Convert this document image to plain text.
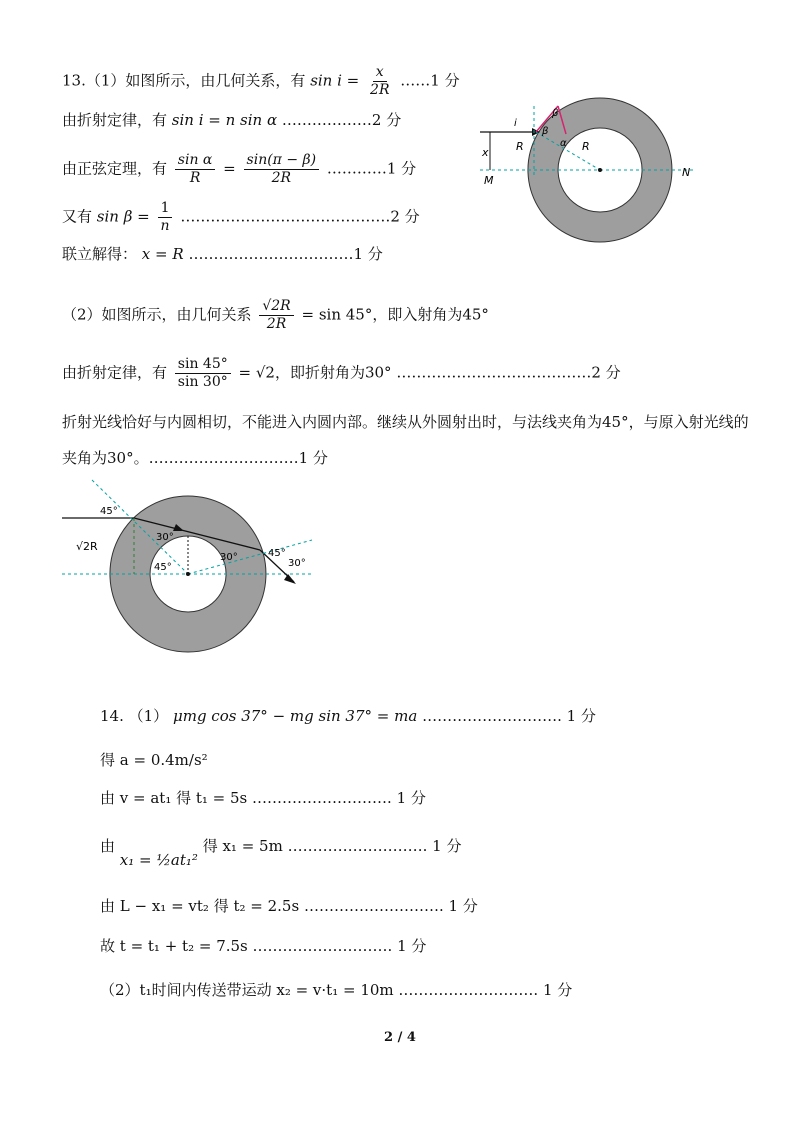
13.（1）如图所示，由几何关系，有 $\sin i = \frac{x}{2R}$ ……1 分
由折射定律，有 sin i = n sin α ………………2 分
由正弦定理，有 $\frac{\text{sin α}}{R} = \frac{\sin(\pi - \beta)}{2R}$ …………1 分
又有 $\sin \beta = \frac{1}{n}$ ……………………………………2 分
联立解得： x = R ……………………………1 分
（2）如图所示，由几何关系 $\frac{√2R}{2R} = \sin 45^\circ$，即入射角为45°
由折射定律，有 $\frac{\sin 45^\circ}{\sin 30^\circ} = √2$，即折射角为30° …………………………………2 分
折射光线恰好与内圆相切，不能进入内圆内部。继续从外圆射出时，与法线夹角为45°，与原入射光线的夹角为30°。…………………………1 分
i
β
β
α
R	R
x
M
N
45°
√2R
30°
45°
30°	45°
30°
14. （1） μmg cos 37° − mg sin 37° = ma ………………………. 1 分
得 a = 0.4m/s²
由 v = at₁ 得 t₁ = 5s ………………………. 1 分
由 x₁ = ½at₁² 得 x₁ = 5m ………………………. 1 分
由 L − x₁ = vt₂ 得 t₂ = 2.5s ………………………. 1 分
故 t = t₁ + t₂ = 7.5s ………………………. 1 分
（2）t₁时间内传送带运动 x₂ = v·t₁ = 10m ………………………. 1 分
2 / 4
